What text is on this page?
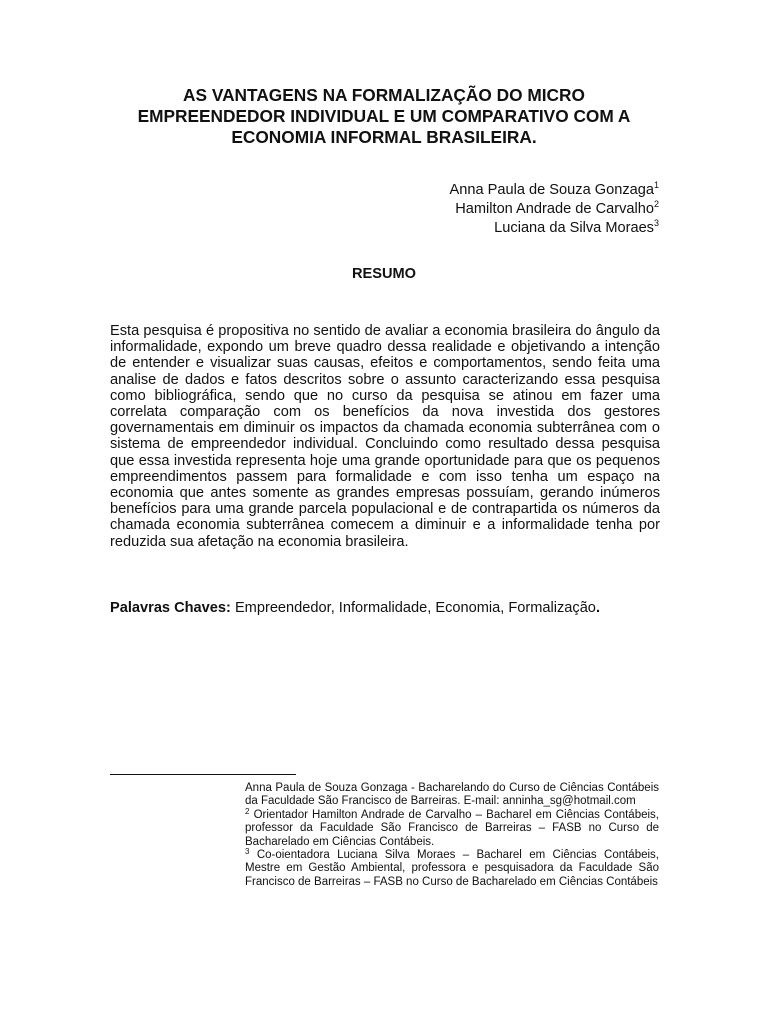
AS VANTAGENS NA FORMALIZAÇÃO DO MICRO EMPREENDEDOR INDIVIDUAL E UM COMPARATIVO COM A ECONOMIA INFORMAL BRASILEIRA.
Anna Paula de Souza Gonzaga$^1$
Hamilton Andrade de Carvalho$^2$
Luciana da Silva Moraes$^3$
RESUMO

Esta pesquisa é propositiva no sentido de avaliar a economia brasileira do ângulo da informalidade, expondo um breve quadro dessa realidade e objetivando a intenção de entender e visualizar suas causas, efeitos e comportamentos, sendo feita uma analise de dados e fatos descritos sobre o assunto caracterizando essa pesquisa como bibliográfica, sendo que no curso da pesquisa se atinou em fazer uma correlata comparação com os benefícios da nova investida dos gestores governamentais em diminuir os impactos da chamada economia subterrânea com o sistema de empreendedor individual. Concluindo como resultado dessa pesquisa que essa investida representa hoje uma grande oportunidade para que os pequenos empreendimentos passem para formalidade e com isso tenha um espaço na economia que antes somente as grandes empresas possuíam, gerando inúmeros benefícios para uma grande parcela populacional e de contrapartida os números da chamada economia subterrânea comecem a diminuir e a informalidade tenha por reduzida sua afetação na economia brasileira.

Palavras Chaves: Empreendedor, Informalidade, Economia, Formalização.

Anna Paula de Souza Gonzaga - Bacharelando do Curso de Ciências Contábeis da Faculdade São Francisco de Barreiras. E-mail: anninha_sg@hotmail.com

$^2$ Orientador Hamilton Andrade de Carvalho – Bacharel em Ciências Contábeis, professor da Faculdade São Francisco de Barreiras – FASB no Curso de Bacharelado em Ciências Contábeis.

$^3$ Co-oientadora Luciana Silva Moraes – Bacharel em Ciências Contábeis, Mestre em Gestão Ambiental, professora e pesquisadora da Faculdade São Francisco de Barreiras – FASB no Curso de Bacharelado em Ciências Contábeis
